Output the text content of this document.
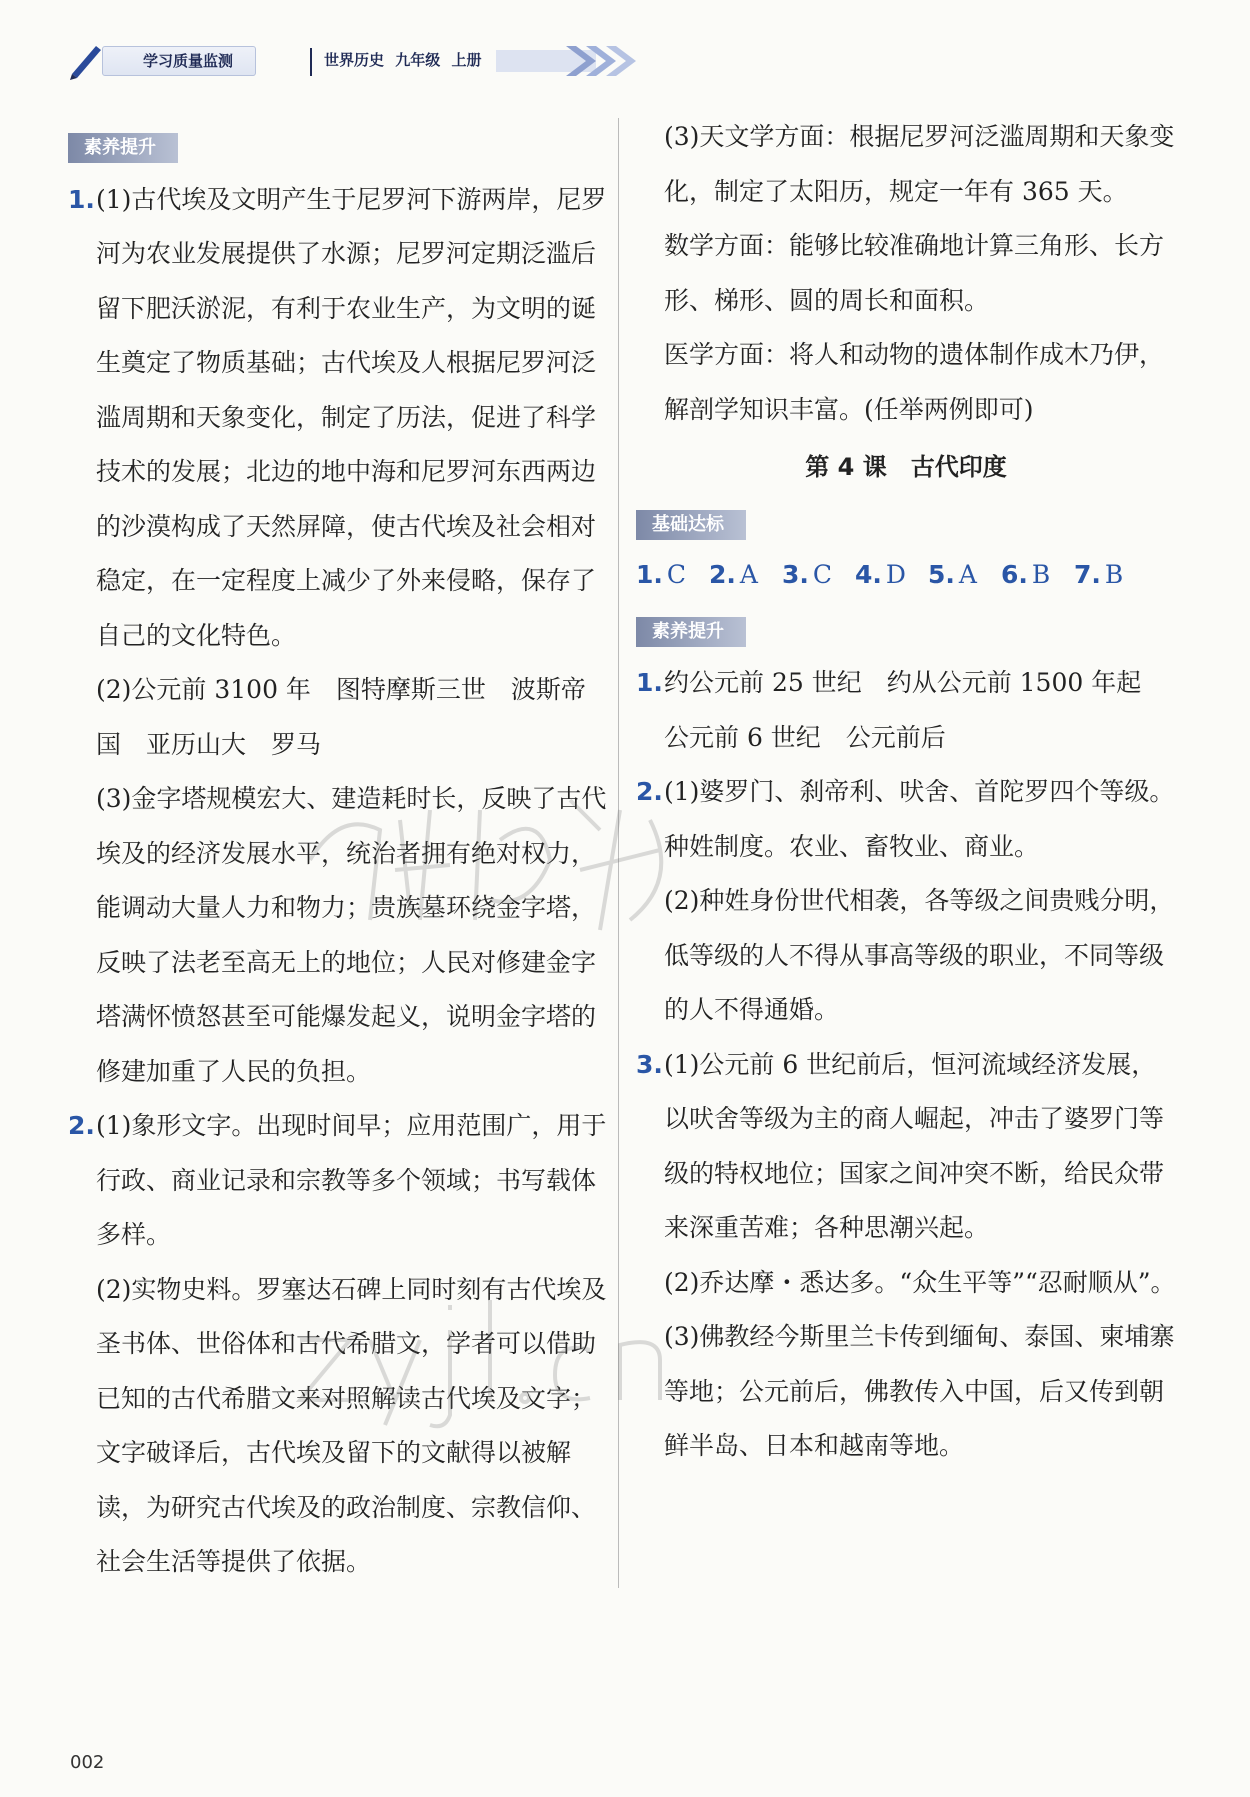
学习质量监测	世界历史 九年级 上册
素养提升
1. (1)古代埃及文明产生于尼罗河下游两岸，尼罗河为农业发展提供了水源；尼罗河定期泛滥后留下肥沃淤泥，有利于农业生产，为文明的诞生奠定了物质基础；古代埃及人根据尼罗河泛滥周期和天象变化，制定了历法，促进了科学技术的发展；北边的地中海和尼罗河东西两边的沙漠构成了天然屏障，使古代埃及社会相对稳定，在一定程度上减少了外来侵略，保存了自己的文化特色。
(2)公元前 3100 年　图特摩斯三世　波斯帝国　亚历山大　罗马
(3)金字塔规模宏大、建造耗时长，反映了古代埃及的经济发展水平，统治者拥有绝对权力，能调动大量人力和物力；贵族墓环绕金字塔，反映了法老至高无上的地位；人民对修建金字塔满怀愤怒甚至可能爆发起义，说明金字塔的修建加重了人民的负担。
2. (1)象形文字。出现时间早；应用范围广，用于行政、商业记录和宗教等多个领域；书写载体多样。
(2)实物史料。罗塞达石碑上同时刻有古代埃及圣书体、世俗体和古代希腊文，学者可以借助已知的古代希腊文来对照解读古代埃及文字；文字破译后，古代埃及留下的文献得以被解读，为研究古代埃及的政治制度、宗教信仰、社会生活等提供了依据。
(3)天文学方面：根据尼罗河泛滥周期和天象变化，制定了太阳历，规定一年有 365 天。
数学方面：能够比较准确地计算三角形、长方形、梯形、圆的周长和面积。
医学方面：将人和动物的遗体制作成木乃伊，解剖学知识丰富。(任举两例即可)
第 4 课　古代印度
基础达标
1. C 2. A 3. C 4. D 5. A 6. B 7. B
素养提升
1. 约公元前 25 世纪　约从公元前 1500 年起　公元前 6 世纪　公元前后
2. (1)婆罗门、刹帝利、吠舍、首陀罗四个等级。种姓制度。农业、畜牧业、商业。
(2)种姓身份世代相袭，各等级之间贵贱分明，低等级的人不得从事高等级的职业，不同等级的人不得通婚。
3. (1)公元前 6 世纪前后，恒河流域经济发展，以吠舍等级为主的商人崛起，冲击了婆罗门等级的特权地位；国家之间冲突不断，给民众带来深重苦难；各种思潮兴起。
(2)乔达摩・悉达多。“众生平等”“忍耐顺从”。
(3)佛教经今斯里兰卡传到缅甸、泰国、柬埔寨等地；公元前后，佛教传入中国，后又传到朝鲜半岛、日本和越南等地。
002
